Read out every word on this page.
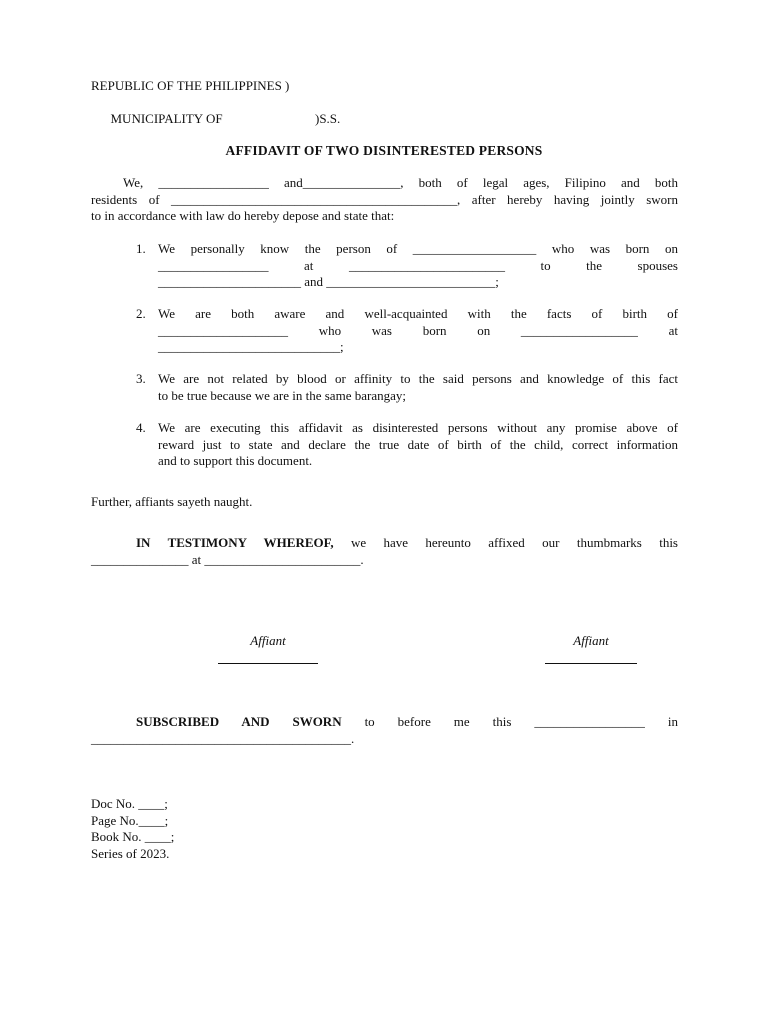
REPUBLIC OF THE PHILIPPINES )

MUNICIPALITY OF	)S.S.

AFFIDAVIT OF TWO DISINTERESTED PERSONS
We, _________________ and_______________, both of legal ages, Filipino and both
residents of ____________________________________________, after hereby having jointly sworn
to in accordance with law do hereby depose and state that:
1. We personally know the person of ___________________ who was born on
_________________ at ________________________ to the spouses
______________________ and __________________________;
2. We are both aware and well-acquainted with the facts of birth of
____________________ who was born on __________________ at
____________________________;
3. We are not related by blood or affinity to the said persons and knowledge of this fact
to be true because we are in the same barangay;
4. We are executing this affidavit as disinterested persons without any promise above of
reward just to state and declare the true date of birth of the child, correct information
and to support this document.
Further, affiants sayeth naught.
IN TESTIMONY WHEREOF, we have hereunto affixed our thumbmarks this
_______________ at ________________________.
Affiant	Affiant
SUBSCRIBED AND SWORN to before me this _________________ in
________________________________________.
Doc No. ____;
Page No.____;
Book No. ____;
Series of 2023.
